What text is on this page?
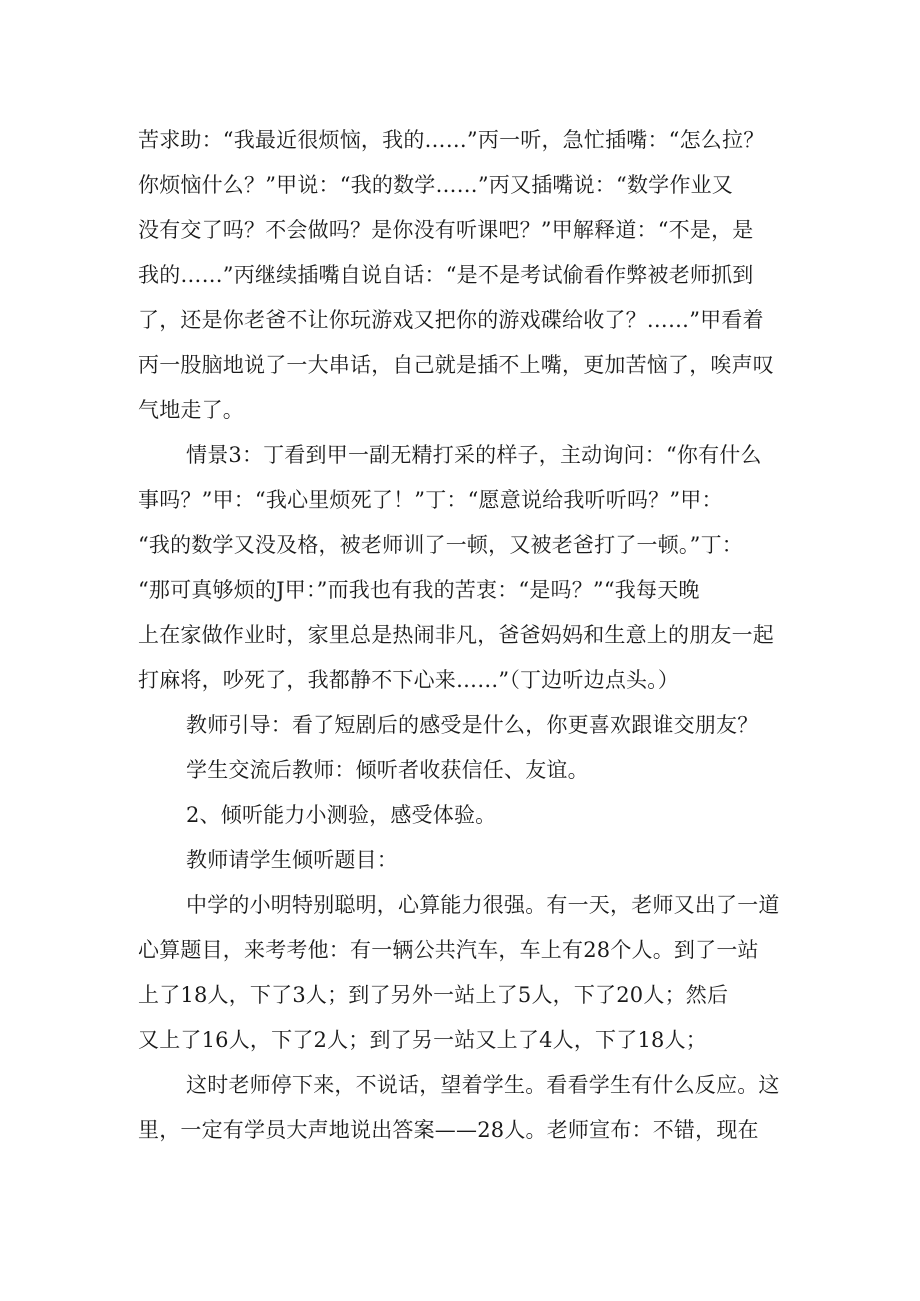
苦求助：“我最近很烦恼，我的……”丙一听，急忙插嘴：“怎么拉？

你烦恼什么？”甲说：“我的数学……”丙又插嘴说：“数学作业又

没有交了吗？不会做吗？是你没有听课吧？”甲解释道：“不是，是

我的……”丙继续插嘴自说自话：“是不是考试偷看作弊被老师抓到

了，还是你老爸不让你玩游戏又把你的游戏碟给收了？……”甲看着

丙一股脑地说了一大串话，自己就是插不上嘴，更加苦恼了，唉声叹

气地走了。

情景3：丁看到甲一副无精打采的样子，主动询问：“你有什么

事吗？”甲：“我心里烦死了！”丁：“愿意说给我听听吗？”甲：

“我的数学又没及格，被老师训了一顿，又被老爸打了一顿。”丁：

“那可真够烦的J甲：”而我也有我的苦衷：“是吗？”“我每天晚

上在家做作业时，家里总是热闹非凡，爸爸妈妈和生意上的朋友一起

打麻将，吵死了，我都静不下心来……”（丁边听边点头。）

教师引导：看了短剧后的感受是什么，你更喜欢跟谁交朋友？

学生交流后教师：倾听者收获信任、友谊。

2、倾听能力小测验，感受体验。

教师请学生倾听题目：

中学的小明特别聪明，心算能力很强。有一天，老师又出了一道

心算题目，来考考他：有一辆公共汽车，车上有28个人。到了一站

上了18人，下了3人；到了另外一站上了5人，下了20人；然后

又上了16人，下了2人；到了另一站又上了4人，下了18人；

这时老师停下来，不说话，望着学生。看看学生有什么反应。这

里，一定有学员大声地说出答案——28人。老师宣布：不错，现在
